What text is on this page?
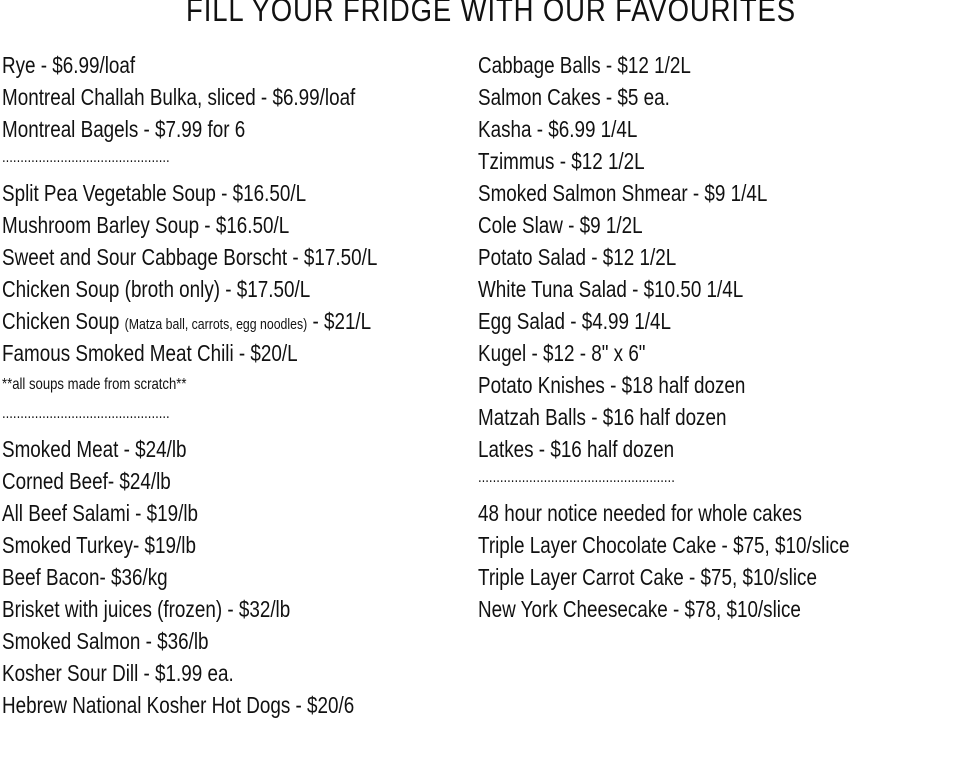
FILL YOUR FRIDGE WITH OUR FAVOURITES
Rye - $6.99/loaf
Montreal Challah Bulka, sliced - $6.99/loaf
Montreal Bagels - $7.99 for 6
..............................................
Split Pea Vegetable Soup - $16.50/L
Mushroom Barley Soup - $16.50/L
Sweet and Sour Cabbage Borscht - $17.50/L
Chicken Soup (broth only) - $17.50/L
Chicken Soup (Matza ball, carrots, egg noodles) - $21/L
Famous Smoked Meat Chili - $20/L
**all soups made from scratch**
..............................................
Smoked Meat - $24/lb
Corned Beef- $24/lb
All Beef Salami - $19/lb
Smoked Turkey- $19/lb
Beef Bacon- $36/kg
Brisket with juices (frozen) - $32/lb
Smoked Salmon - $36/lb
Kosher Sour Dill - $1.99 ea.
Hebrew National Kosher Hot Dogs - $20/6
Cabbage Balls - $12 1/2L
Salmon Cakes - $5 ea.
Kasha - $6.99 1/4L
Tzimmus - $12 1/2L
Smoked Salmon Shmear - $9 1/4L
Cole Slaw - $9 1/2L
Potato Salad - $12 1/2L
White Tuna Salad - $10.50 1/4L
Egg Salad - $4.99 1/4L
Kugel - $12 - 8" x 6"
Potato Knishes - $18 half dozen
Matzah Balls - $16 half dozen
Latkes - $16 half dozen
......................................................
48 hour notice needed for whole cakes
Triple Layer Chocolate Cake - $75, $10/slice
Triple Layer Carrot Cake - $75, $10/slice
New York Cheesecake - $78, $10/slice
